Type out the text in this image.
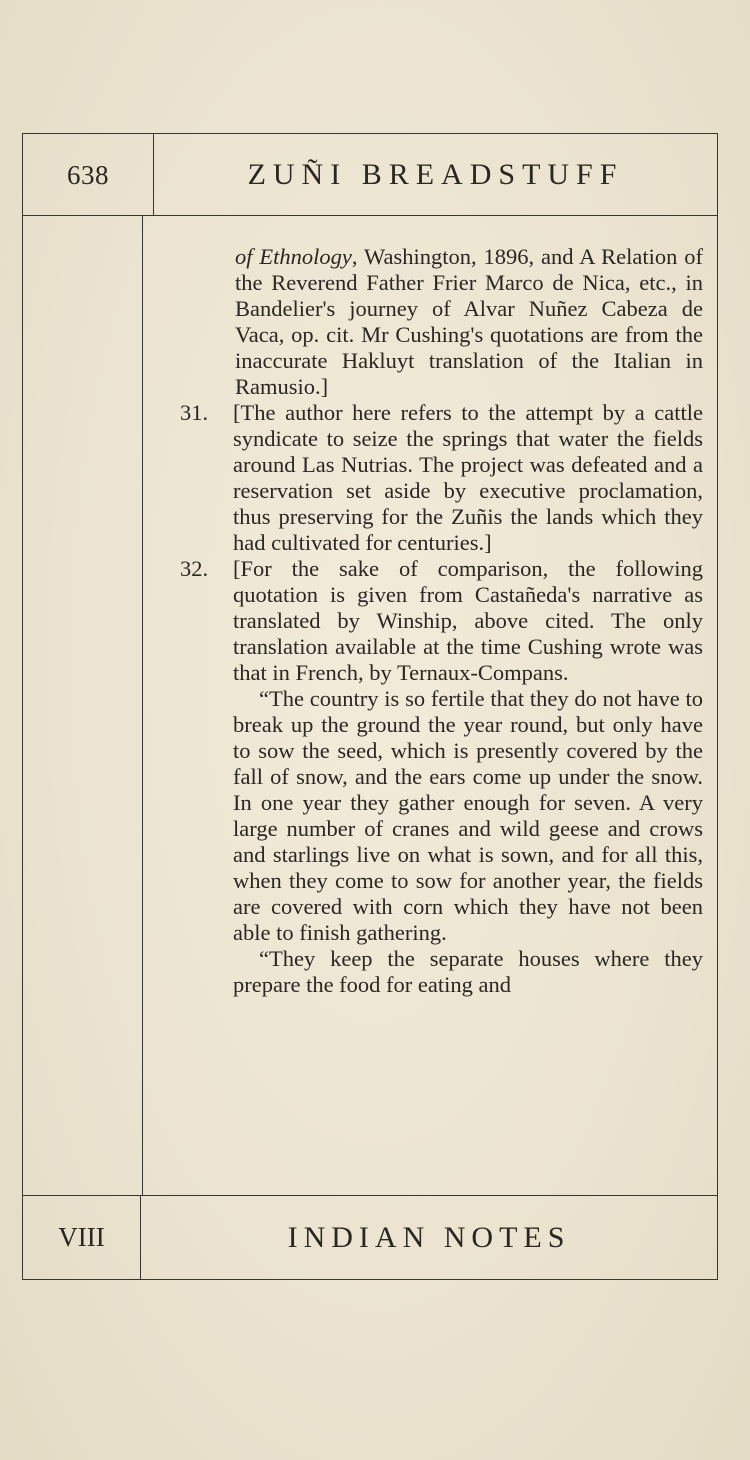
638	ZUÑI BREADSTUFF
of Ethnology, Washington, 1896, and A Relation of the Reverend Father Frier Marco de Nica, etc., in Bandelier's journey of Alvar Nuñez Cabeza de Vaca, op. cit. Mr Cushing's quotations are from the inaccurate Hakluyt translation of the Italian in Ramusio.]
31. [The author here refers to the attempt by a cattle syndicate to seize the springs that water the fields around Las Nutrias. The project was defeated and a reservation set aside by executive proclamation, thus preserving for the Zuñis the lands which they had cultivated for centuries.]
32. [For the sake of comparison, the following quotation is given from Castañeda's narrative as translated by Winship, above cited. The only translation available at the time Cushing wrote was that in French, by Ternaux-Compans.
“The country is so fertile that they do not have to break up the ground the year round, but only have to sow the seed, which is presently covered by the fall of snow, and the ears come up under the snow. In one year they gather enough for seven. A very large number of cranes and wild geese and crows and starlings live on what is sown, and for all this, when they come to sow for another year, the fields are covered with corn which they have not been able to finish gathering.
“They keep the separate houses where they prepare the food for eating and
VIII	INDIAN NOTES
